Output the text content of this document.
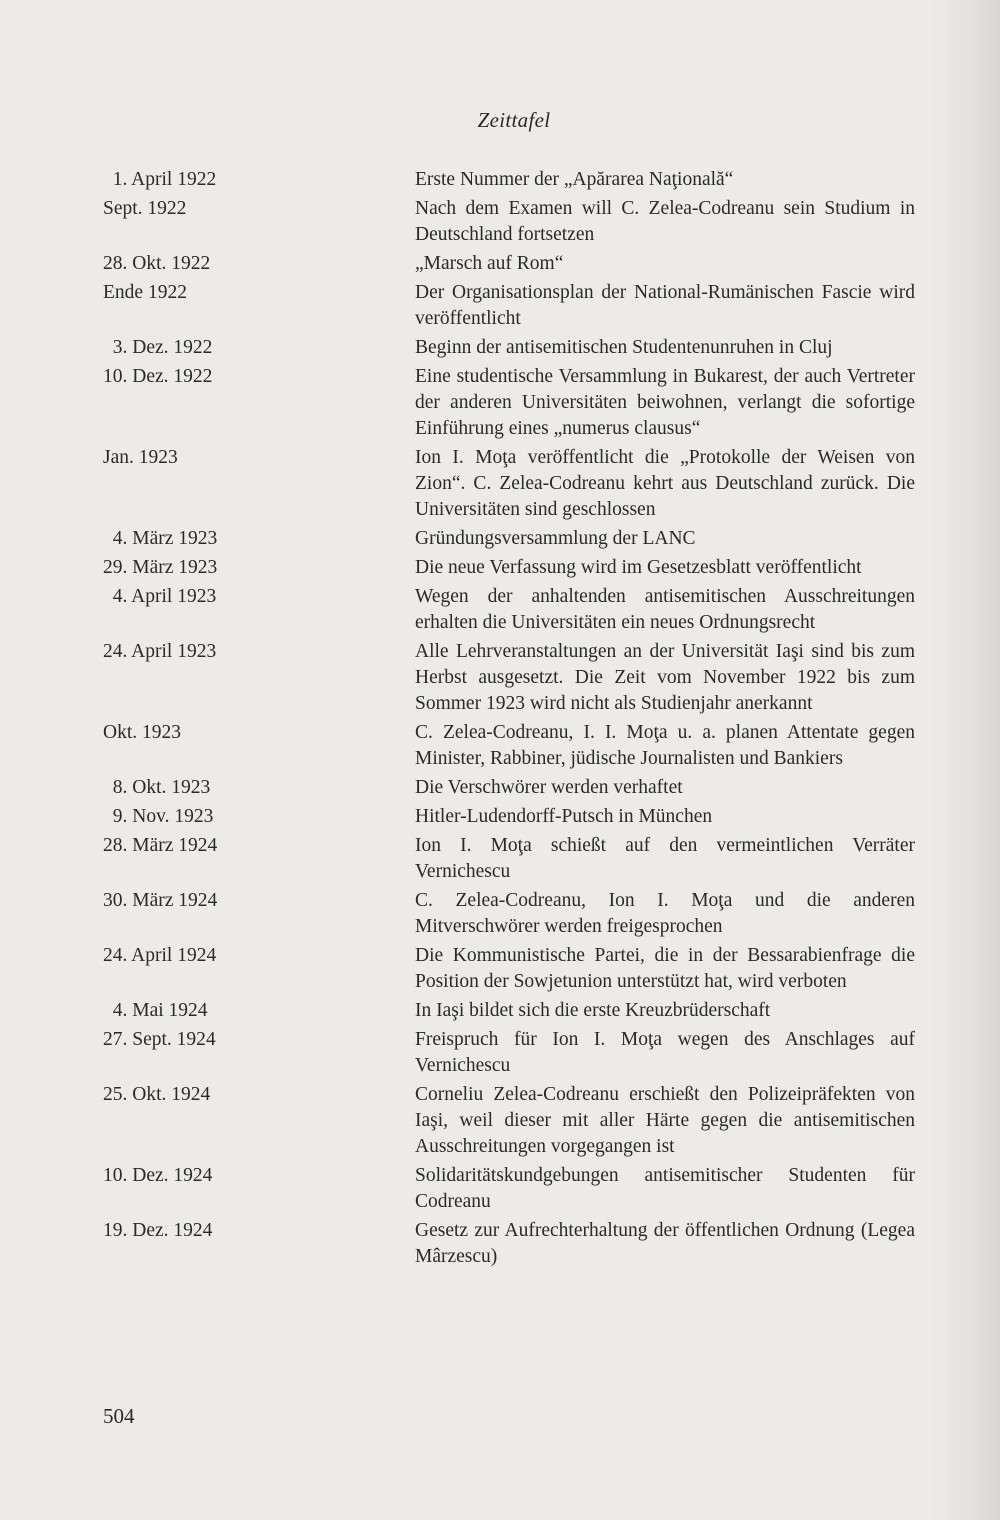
Zeittafel
1. April 1922	Erste Nummer der „Apărarea Naţională“
Sept. 1922	Nach dem Examen will C. Zelea-Codreanu sein Studium in Deutschland fortsetzen
28. Okt. 1922	„Marsch auf Rom“
Ende 1922	Der Organisationsplan der National-Rumänischen Fascie wird veröffentlicht
3. Dez. 1922	Beginn der antisemitischen Studentenunruhen in Cluj
10. Dez. 1922	Eine studentische Versammlung in Bukarest, der auch Vertreter der anderen Universitäten beiwohnen, verlangt die sofortige Einführung eines „numerus clausus“
Jan. 1923	Ion I. Moţa veröffentlicht die „Protokolle der Weisen von Zion“. C. Zelea-Codreanu kehrt aus Deutschland zurück. Die Universitäten sind geschlossen
4. März 1923	Gründungsversammlung der LANC
29. März 1923	Die neue Verfassung wird im Gesetzesblatt veröffentlicht
4. April 1923	Wegen der anhaltenden antisemitischen Ausschreitungen erhalten die Universitäten ein neues Ordnungsrecht
24. April 1923	Alle Lehrveranstaltungen an der Universität Iaşi sind bis zum Herbst ausgesetzt. Die Zeit vom November 1922 bis zum Sommer 1923 wird nicht als Studienjahr anerkannt
Okt. 1923	C. Zelea-Codreanu, I. I. Moţa u. a. planen Attentate gegen Minister, Rabbiner, jüdische Journalisten und Bankiers
8. Okt. 1923	Die Verschwörer werden verhaftet
9. Nov. 1923	Hitler-Ludendorff-Putsch in München
28. März 1924	Ion I. Moţa schießt auf den vermeintlichen Verräter Vernichescu
30. März 1924	C. Zelea-Codreanu, Ion I. Moţa und die anderen Mitverschwörer werden freigesprochen
24. April 1924	Die Kommunistische Partei, die in der Bessarabienfrage die Position der Sowjetunion unterstützt hat, wird verboten
4. Mai 1924	In Iaşi bildet sich die erste Kreuzbrüderschaft
27. Sept. 1924	Freispruch für Ion I. Moţa wegen des Anschlages auf Vernichescu
25. Okt. 1924	Corneliu Zelea-Codreanu erschießt den Polizeipräfekten von Iaşi, weil dieser mit aller Härte gegen die antisemitischen Ausschreitungen vorgegangen ist
10. Dez. 1924	Solidaritätskundgebungen antisemitischer Studenten für Codreanu
19. Dez. 1924	Gesetz zur Aufrechterhaltung der öffentlichen Ordnung (Legea Mârzescu)
504
